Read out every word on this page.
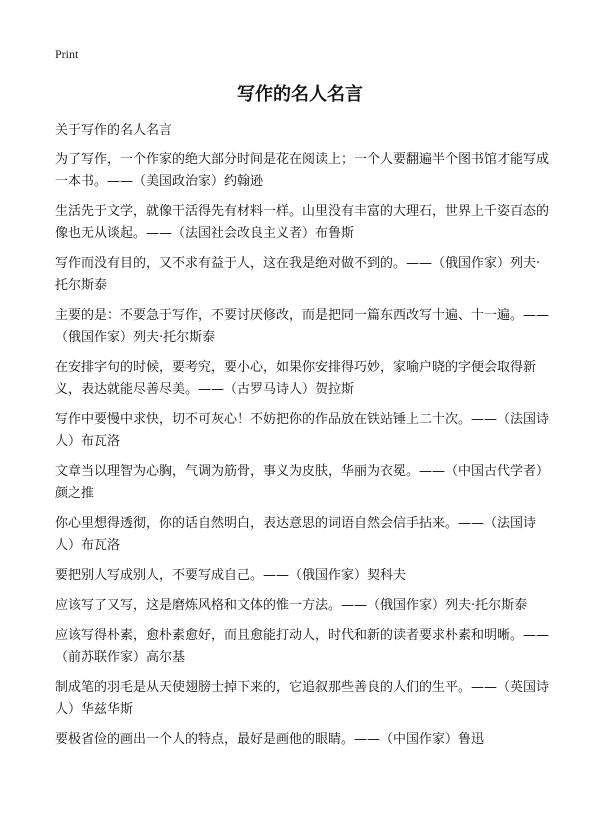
Print
写作的名人名言

关于写作的名人名言

为了写作，一个作家的绝大部分时间是花在阅读上；一个人要翻遍半个图书馆才能写成一本书。——（美国政治家）约翰逊

生活先于文学，就像干活得先有材料一样。山里没有丰富的大理石，世界上千姿百态的像也无从谈起。——（法国社会改良主义者）布鲁斯

写作而没有目的，又不求有益于人，这在我是绝对做不到的。——（俄国作家）列夫·托尔斯泰

主要的是：不要急于写作，不要讨厌修改，而是把同一篇东西改写十遍、十一遍。——（俄国作家）列夫·托尔斯泰

在安排字句的时候，要考究，要小心，如果你安排得巧妙，家喻户晓的字便会取得新义，表达就能尽善尽美。——（古罗马诗人）贺拉斯

写作中要慢中求快，切不可灰心！不妨把你的作品放在铁站锤上二十次。——（法国诗人）布瓦洛

文章当以理智为心胸，气调为筋骨，事义为皮肤，华丽为衣冕。——（中国古代学者）颜之推

你心里想得透彻，你的话自然明白，表达意思的词语自然会信手拈来。——（法国诗人）布瓦洛

要把别人写成别人，不要写成自己。——（俄国作家）契科夫

应该写了又写，这是磨炼风格和文体的惟一方法。——（俄国作家）列夫·托尔斯泰

应该写得朴素，愈朴素愈好，而且愈能打动人，时代和新的读者要求朴素和明晰。——（前苏联作家）高尔基

制成笔的羽毛是从天使翅膀士掉下来的，它追叙那些善良的人们的生平。——（英国诗人）华兹华斯

要极省俭的画出一个人的特点，最好是画他的眼睛。——（中国作家）鲁迅
